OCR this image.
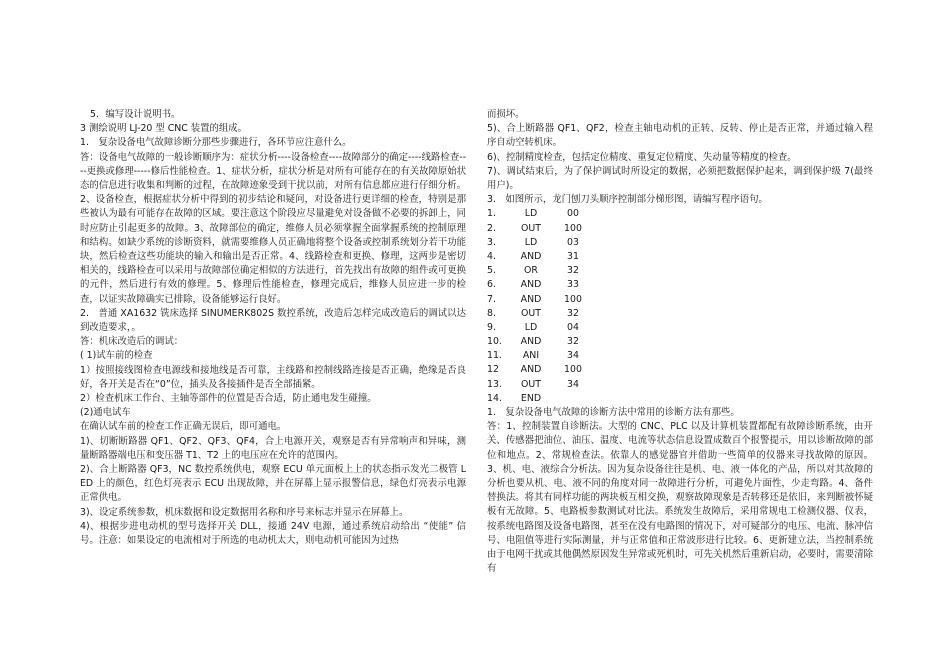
5．编写设计说明书。

3 测绘说明 LJ-20 型 CNC 装置的组成。

1.　复杂设备电气故障诊断分那些步骤进行，各环节应注意什么。

答：设备电气故障的一般诊断顺序为：症状分析----设备检查----故障部分的确定----线路检查----更换或修理-----修后性能检查。1、症状分析，症状分析是对所有可能存在的有关故障原始状态的信息进行收集和判断的过程，在故障迹象受到干扰以前，对所有信息都应进行仔细分析。2、设备检查，根据症状分析中得到的初步结论和疑问，对设备进行更详细的检查，特别是那些被认为最有可能存在故障的区域。要注意这个阶段应尽量避免对设备做不必要的拆卸上，同时应防止引起更多的故障。3、故障部位的确定，维修人员必须掌握全面掌握系统的控制原理和结构。如缺少系统的诊断资料，就需要维修人员正确地将整个设备或控制系统划分若干功能块，然后检查这些功能块的输入和输出是否正常。4、线路检查和更换、修理，这两步是密切相关的，线路检查可以采用与故障部位确定相似的方法进行，首先找出有故障的组件或可更换的元件，然后进行有效的修理。5、修理后性能检查，修理完成后，维修人员应进一步的检查，以证实故障确实已排除，设备能够运行良好。

2.　普通 XA1632 铣床选择 SINUMERK802S 数控系统，改造后怎样完成改造后的调试以达到改造要求，。

答：机床改造后的调试：

( 1)试车前的检查

1）按照接线图检查电源线和接地线是否可靠，主线路和控制线路连接是否正确，绝缘是否良好，各开关是否在“0”位，插头及各接插件是否全部插紧。

2）检查机床工作台、主轴等部件的位置是否合适，防止通电发生碰撞。

(2)通电试车

在确认试车前的检查工作正确无误后，即可通电。

1)、切断断路器 QF1、QF2、QF3、QF4，合上电源开关，观察是否有异常响声和异味，测量断路器端电压和变压器 T1、T2 上的电压应在允许的范围内。

2)、合上断路器 QF3，NC 数控系统供电，观察 ECU 单元面板上上的状态指示发光二极管 LED 上的颜色，红色灯亮表示 ECU 出现故障，并在屏幕上显示报警信息，绿色灯亮表示电源正常供电。

3)、设定系统参数，机床数据和设定数据用名称和序号来标志并显示在屏幕上。

4)、根据步进电动机的型号选择开关 DLL，接通 24V 电源，通过系统启动给出 “使能” 信号。注意：如果设定的电流相对于所选的电动机太大，则电动机可能因为过热

而损坏。

5)、合上断路器 QF1、QF2，检查主轴电动机的正转、反转、停止是否正常，并通过输入程序自动空转机床。

6)、控制精度检查，包括定位精度、重复定位精度、失动量等精度的检查。

7)、调试结束后，为了保护调试时所设定的数据，必须把数据保护起来，调到保护级 7(最终用户)。

3.　如图所示，龙门刨刀头顺序控制部分梯形图，请编写程序语句。

1.	LD	00
2.	OUT	100
3.	LD	03
4.	AND	31
5.	OR	32
6.	AND	33
7.	AND	100
8.	OUT	32
9.	LD	04
10.	AND	32
11.	ANI	34
12	AND	100
13.	OUT	34
14.	END

1.　复杂设备电气故障的诊断方法中常用的诊断方法有那些。

答：1、控制装置自诊断法。大型的 CNC、PLC 以及计算机装置都配有故障诊断系统，由开关、传感器把油位、油压、温度、电流等状态信息设置成数百个报警提示，用以诊断故障的部位和地点。2、常规检查法。依靠人的感觉器官并借助一些简单的仪器来寻找故障的原因。3、机、电、液综合分析法。因为复杂设备往往是机、电、液一体化的产品，所以对其故障的分析也要从机、电、液不同的角度对同一故障进行分析，可避免片面性，少走弯路。4、备件替换法。将其有同样功能的两块板互相交换，观察故障现象是否转移还是依旧，来判断被怀疑板有无故障。5、电路板参数测试对比法。系统发生故障后，采用常规电工检测仪器、仪表，按系统电路图及设备电路图，甚至在没有电路图的情况下，对可疑部分的电压、电流、脉冲信号、电阻值等进行实际测量，并与正常值和正常波形进行比较。6、更新建立法，当控制系统由于电网干扰或其他偶然原因发生异常或死机时，可先关机然后重新启动，必要时，需要清除有
